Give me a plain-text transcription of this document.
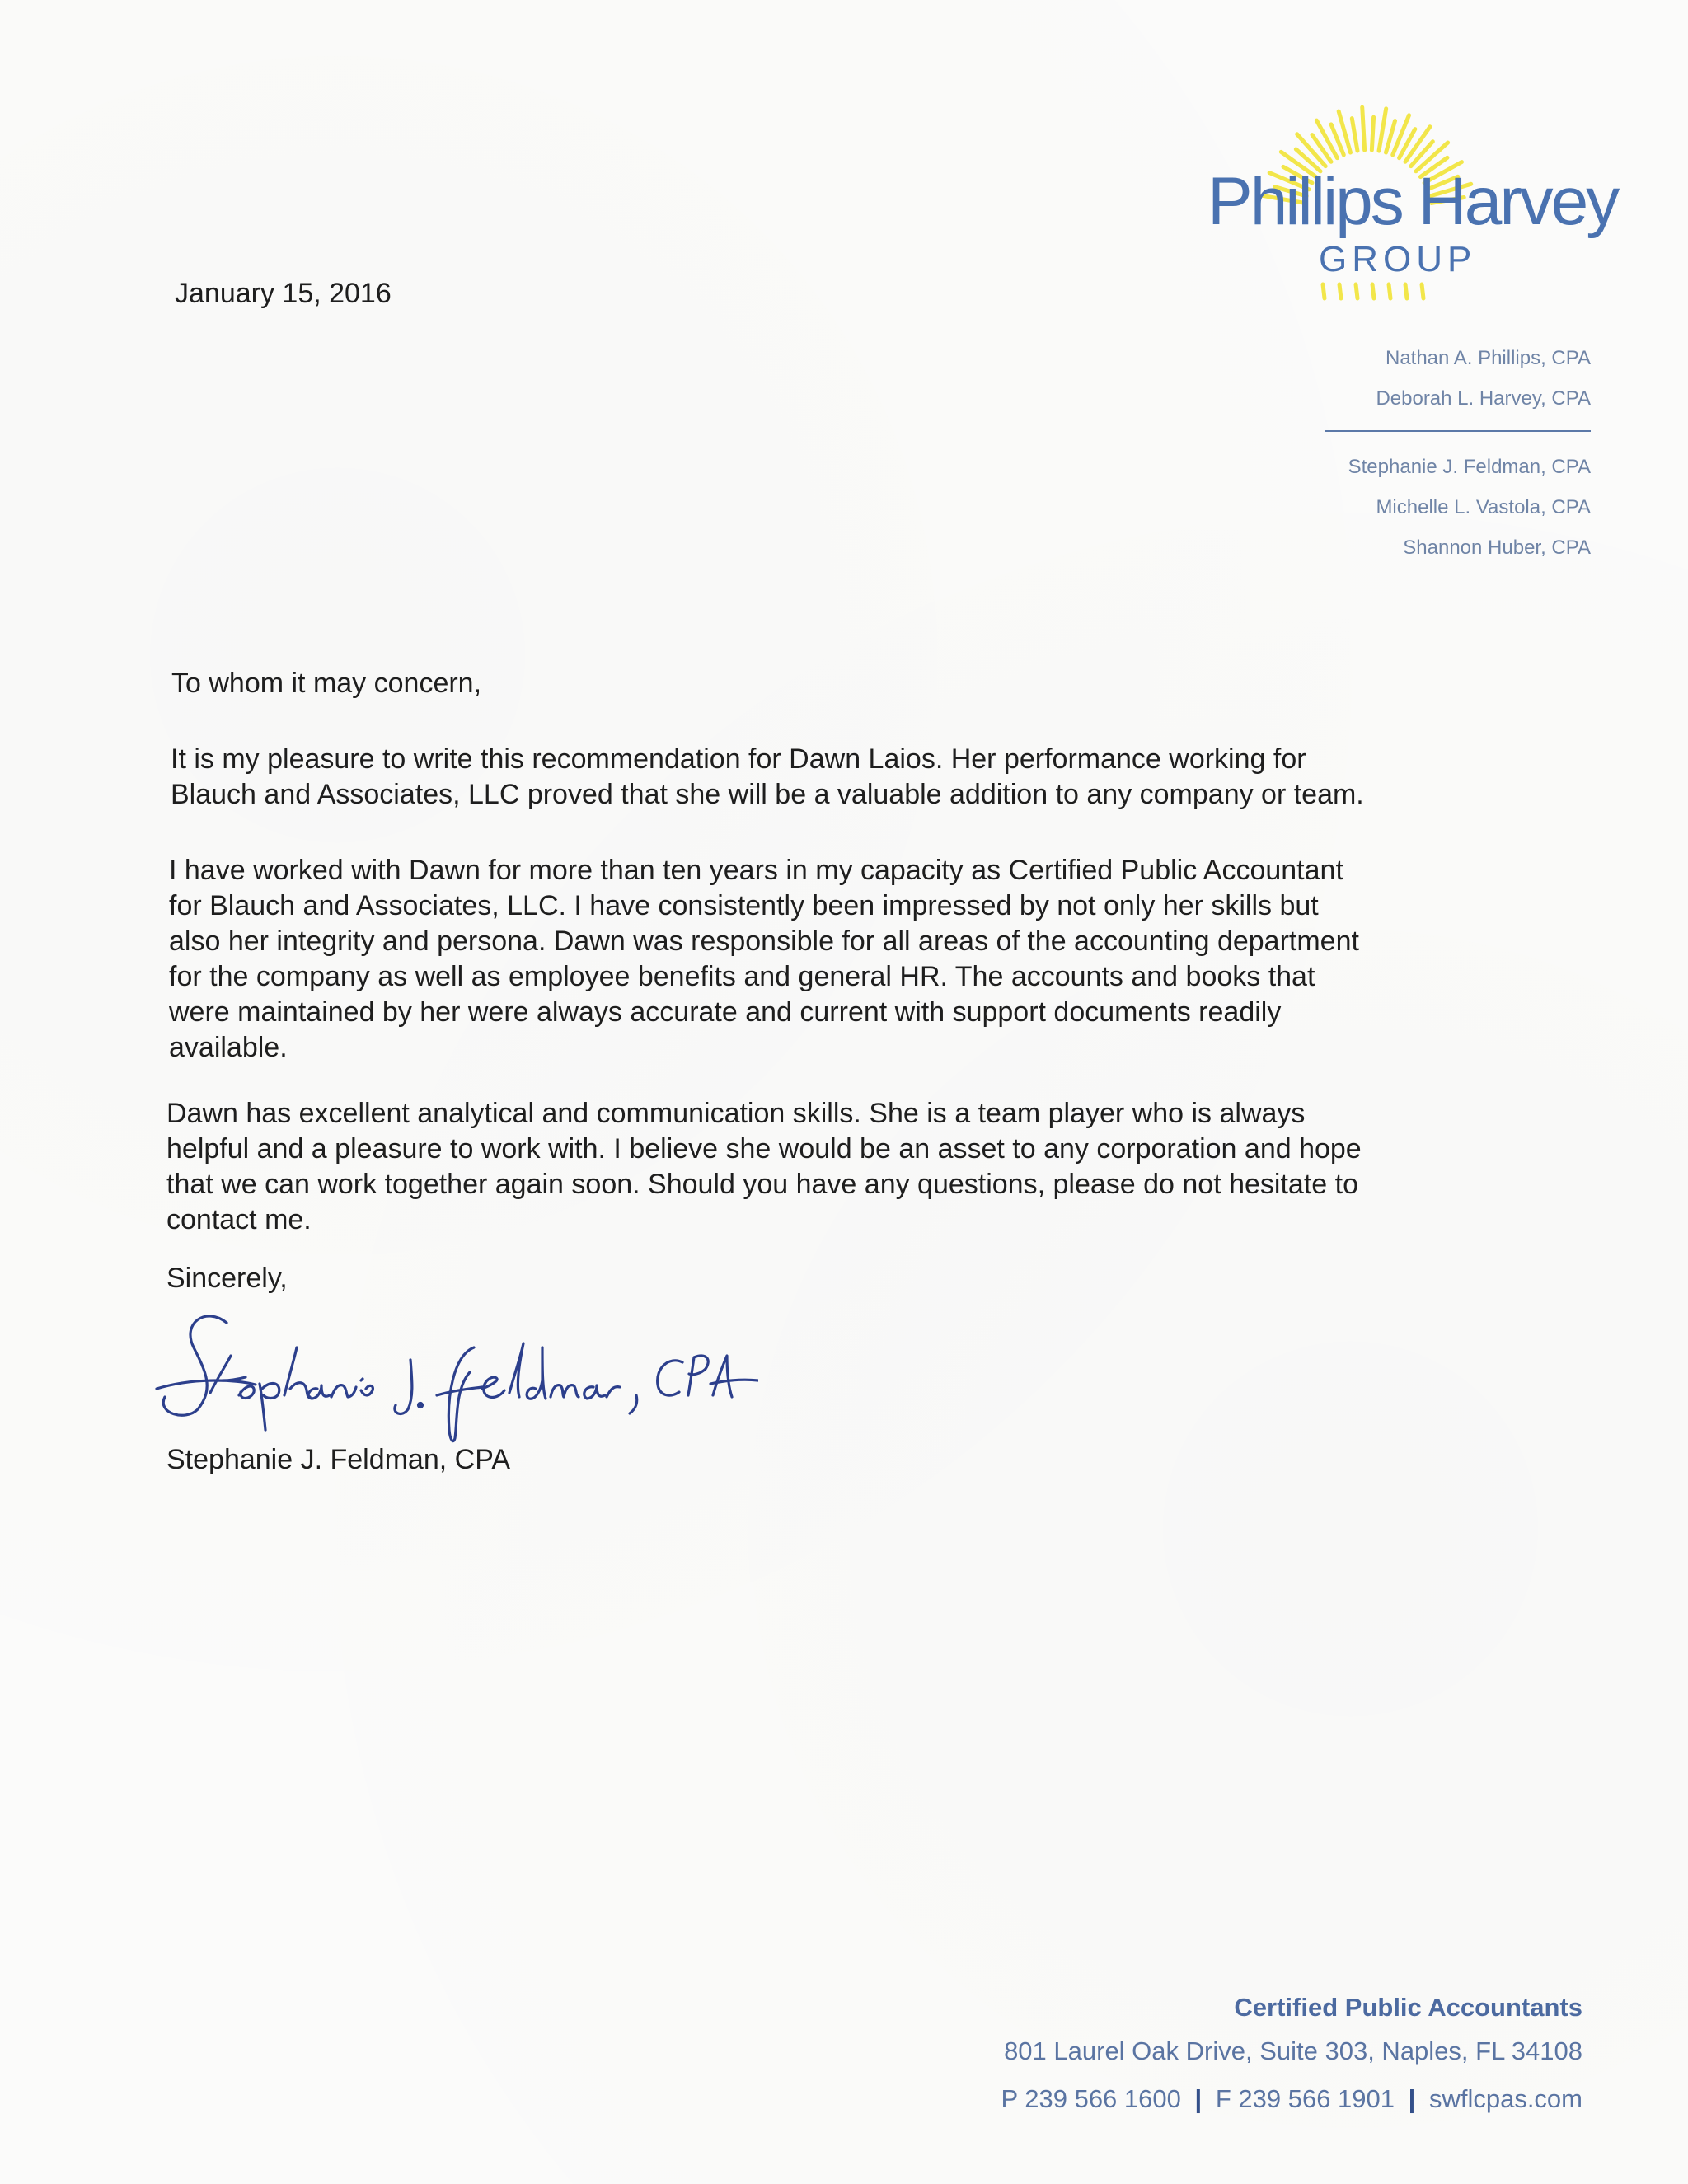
Phillips Harvey
GROUP
Nathan A. Phillips, CPA
Deborah L. Harvey, CPA
Stephanie J. Feldman, CPA
Michelle L. Vastola, CPA
Shannon Huber, CPA
January 15, 2016
To whom it may concern,
It is my pleasure to write this recommendation for Dawn Laios. Her performance working for
Blauch and Associates, LLC proved that she will be a valuable addition to any company or team.
I have worked with Dawn for more than ten years in my capacity as Certified Public Accountant
for Blauch and Associates, LLC. I have consistently been impressed by not only her skills but
also her integrity and persona. Dawn was responsible for all areas of the accounting department
for the company as well as employee benefits and general HR. The accounts and books that
were maintained by her were always accurate and current with support documents readily
available.
Dawn has excellent analytical and communication skills. She is a team player who is always
helpful and a pleasure to work with. I believe she would be an asset to any corporation and hope
that we can work together again soon. Should you have any questions, please do not hesitate to
contact me.
Sincerely,
Stephanie J. Feldman, CPA
Certified Public Accountants
801 Laurel Oak Drive, Suite 303, Naples, FL 34108
P 239 566 1600 | F 239 566 1901 | swflcpas.com
